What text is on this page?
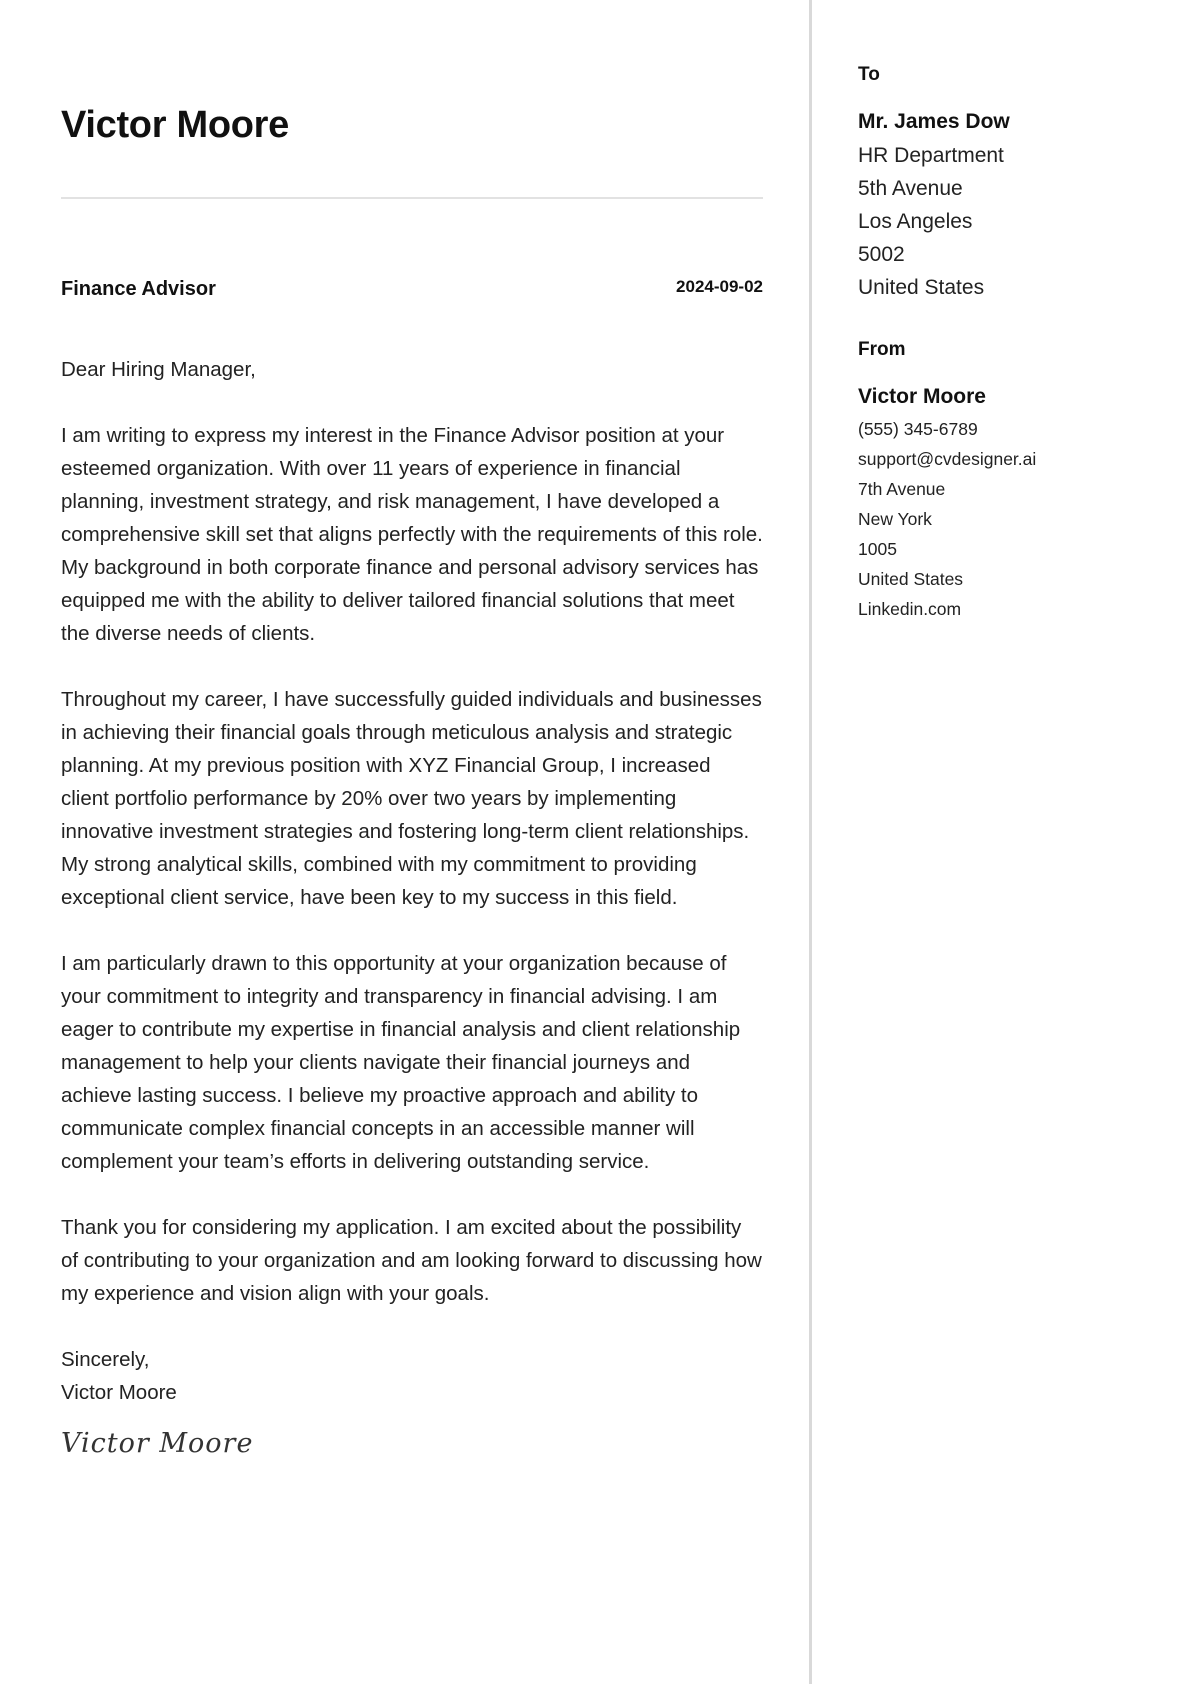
Victor Moore
Finance Advisor	2024-09-02

Dear Hiring Manager,

I am writing to express my interest in the Finance Advisor position at your esteemed organization. With over 11 years of experience in financial planning, investment strategy, and risk management, I have developed a comprehensive skill set that aligns perfectly with the requirements of this role. My background in both corporate finance and personal advisory services has equipped me with the ability to deliver tailored financial solutions that meet the diverse needs of clients.

Throughout my career, I have successfully guided individuals and businesses in achieving their financial goals through meticulous analysis and strategic planning. At my previous position with XYZ Financial Group, I increased client portfolio performance by 20% over two years by implementing innovative investment strategies and fostering long-term client relationships. My strong analytical skills, combined with my commitment to providing exceptional client service, have been key to my success in this field.

I am particularly drawn to this opportunity at your organization because of your commitment to integrity and transparency in financial advising. I am eager to contribute my expertise in financial analysis and client relationship management to help your clients navigate their financial journeys and achieve lasting success. I believe my proactive approach and ability to communicate complex financial concepts in an accessible manner will complement your team’s efforts in delivering outstanding service.

Thank you for considering my application. I am excited about the possibility of contributing to your organization and am looking forward to discussing how my experience and vision align with your goals.

Sincerely,
Victor Moore
Victor Moore
To
Mr. James Dow
HR Department
5th Avenue
Los Angeles
5002
United States
From
Victor Moore
(555) 345-6789
support@cvdesigner.ai
7th Avenue
New York
1005
United States
Linkedin.com
